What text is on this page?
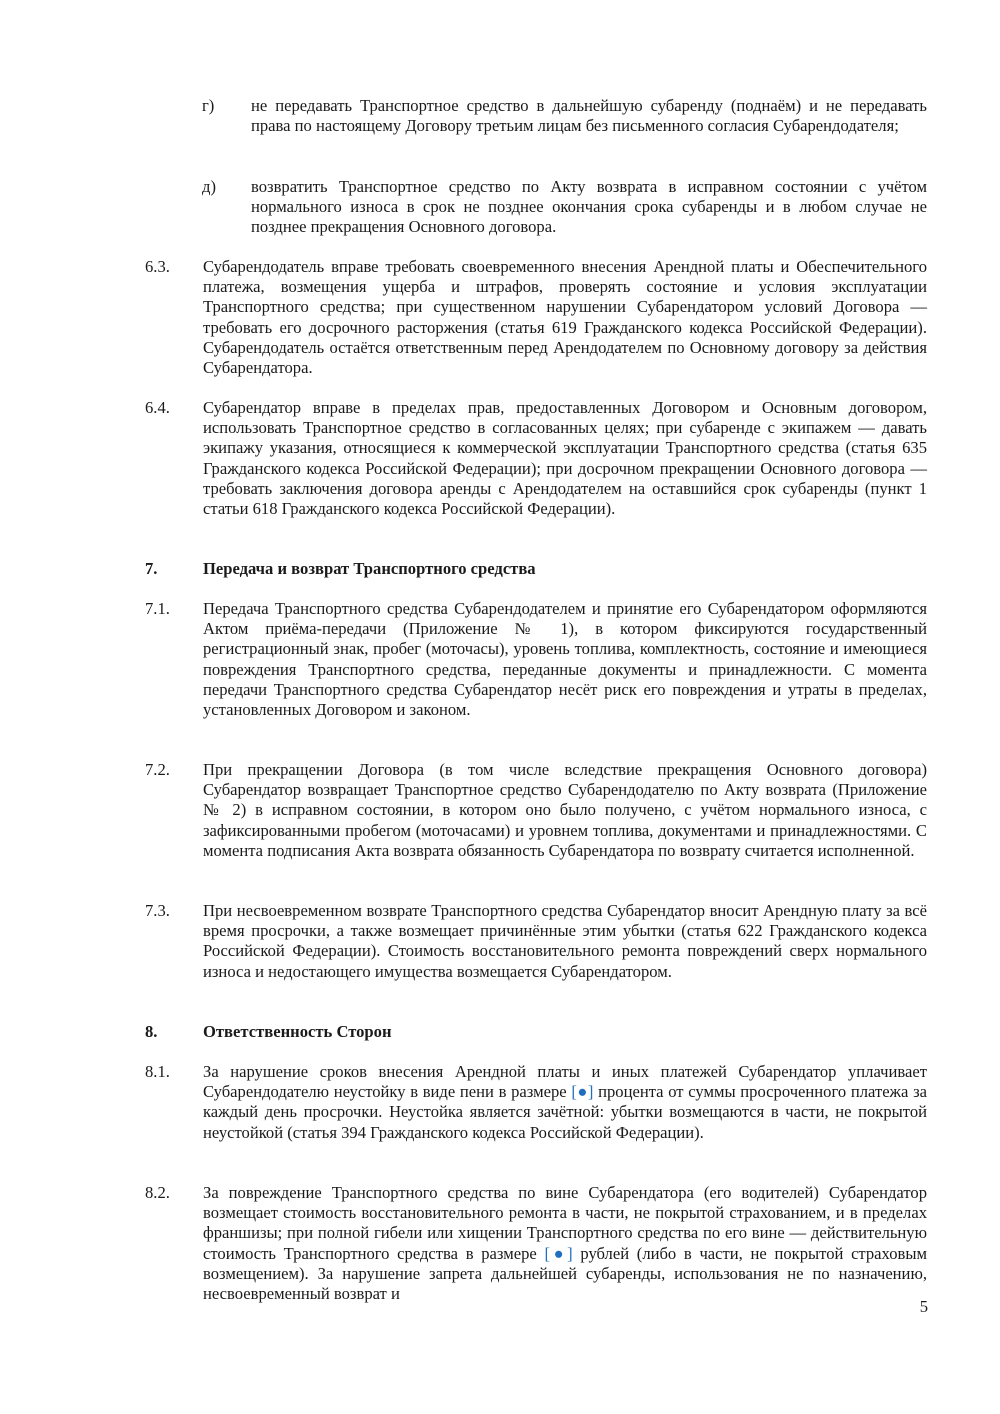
г) не передавать Транспортное средство в дальнейшую субаренду (поднаём) и не передавать права по настоящему Договору третьим лицам без письменного согласия Субарендодателя;

д) возвратить Транспортное средство по Акту возврата в исправном состоянии с учётом нормального износа в срок не позднее окончания срока субаренды и в любом случае не позднее прекращения Основного договора.

6.3. Субарендодатель вправе требовать своевременного внесения Арендной платы и Обеспечительного платежа, возмещения ущерба и штрафов, проверять состояние и условия эксплуатации Транспортного средства; при существенном нарушении Субарендатором условий Договора — требовать его досрочного расторжения (статья 619 Гражданского кодекса Российской Федерации). Субарендодатель остаётся ответственным перед Арендодателем по Основному договору за действия Субарендатора.

6.4. Субарендатор вправе в пределах прав, предоставленных Договором и Основным договором, использовать Транспортное средство в согласованных целях; при субаренде с экипажем — давать экипажу указания, относящиеся к коммерческой эксплуатации Транспортного средства (статья 635 Гражданского кодекса Российской Федерации); при досрочном прекращении Основного договора — требовать заключения договора аренды с Арендодателем на оставшийся срок субаренды (пункт 1 статьи 618 Гражданского кодекса Российской Федерации).

7.	Передача и возврат Транспортного средства
7.1. Передача Транспортного средства Субарендодателем и принятие его Субарендатором оформляются Актом приёма-передачи (Приложение № 1), в котором фиксируются государственный регистрационный знак, пробег (моточасы), уровень топлива, комплектность, состояние и имеющиеся повреждения Транспортного средства, переданные документы и принадлежности. С момента передачи Транспортного средства Субарендатор несёт риск его повреждения и утраты в пределах, установленных Договором и законом.

7.2. При прекращении Договора (в том числе вследствие прекращения Основного договора) Субарендатор возвращает Транспортное средство Субарендодателю по Акту возврата (Приложение № 2) в исправном состоянии, в котором оно было получено, с учётом нормального износа, с зафиксированными пробегом (моточасами) и уровнем топлива, документами и принадлежностями. С момента подписания Акта возврата обязанность Субарендатора по возврату считается исполненной.

7.3. При несвоевременном возврате Транспортного средства Субарендатор вносит Арендную плату за всё время просрочки, а также возмещает причинённые этим убытки (статья 622 Гражданского кодекса Российской Федерации). Стоимость восстановительного ремонта повреждений сверх нормального износа и недостающего имущества возмещается Субарендатором.

8.	Ответственность Сторон
8.1. За нарушение сроков внесения Арендной платы и иных платежей Субарендатор уплачивает Субарендодателю неустойку в виде пени в размере [●] процента от суммы просроченного платежа за каждый день просрочки. Неустойка является зачётной: убытки возмещаются в части, не покрытой неустойкой (статья 394 Гражданского кодекса Российской Федерации).

8.2. За повреждение Транспортного средства по вине Субарендатора (его водителей) Субарендатор возмещает стоимость восстановительного ремонта в части, не покрытой страхованием, и в пределах франшизы; при полной гибели или хищении Транспортного средства по его вине — действительную стоимость Транспортного средства в размере [●] рублей (либо в части, не покрытой страховым возмещением). За нарушение запрета дальнейшей субаренды, использования не по назначению, несвоевременный возврат и

5
